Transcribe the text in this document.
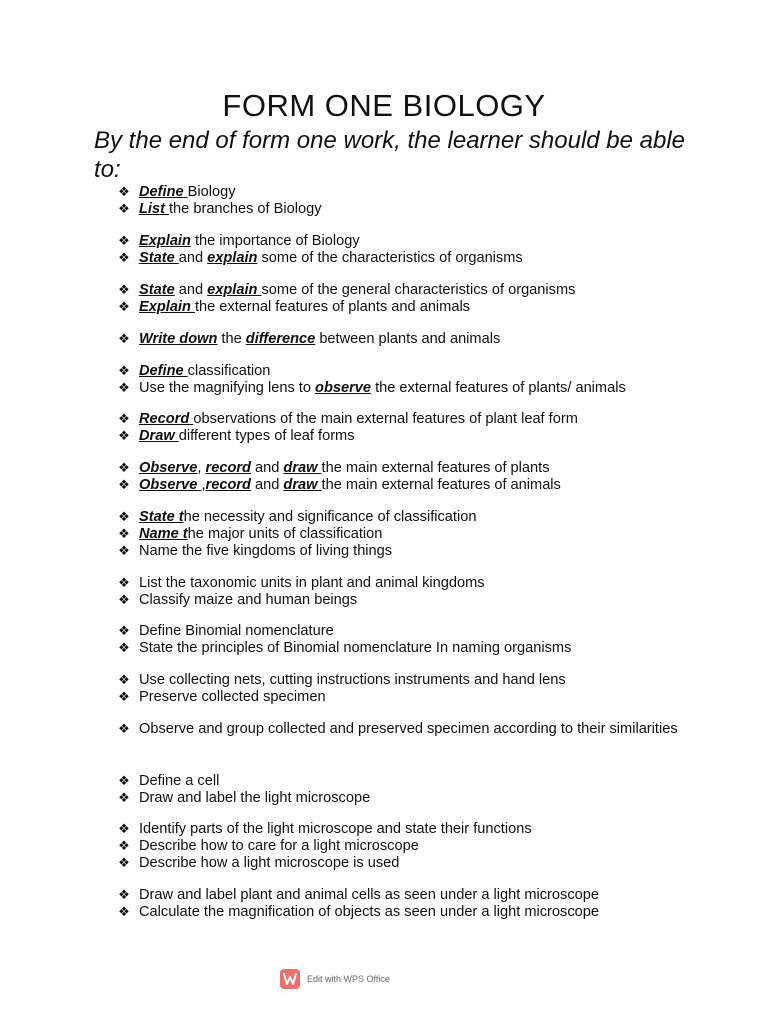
FORM ONE BIOLOGY

By the end of form one work, the learner should be able to:

❖ Define Biology
❖ List the branches of Biology
❖ Explain the importance of Biology
❖ State and explain some of the characteristics of organisms
❖ State and explain some of the general characteristics of organisms
❖ Explain the external features of plants and animals
❖ Write down the difference between plants and animals
❖ Define classification
❖ Use the magnifying lens to observe the external features of plants/ animals
❖ Record observations of the main external features of plant leaf form
❖ Draw different types of leaf forms
❖ Observe, record and draw the main external features of plants
❖ Observe ,record and draw the main external features of animals
❖ State the necessity and significance of classification
❖ Name the major units of classification
❖ Name the five kingdoms of living things
❖ List the taxonomic units in plant and animal kingdoms
❖ Classify maize and human beings
❖ Define Binomial nomenclature
❖ State the principles of Binomial nomenclature In naming organisms
❖ Use collecting nets, cutting instructions instruments and hand lens
❖ Preserve collected specimen
❖ Observe and group collected and preserved specimen according to their similarities
❖ Define a cell
❖ Draw and label the light microscope
❖ Identify parts of the light microscope and state their functions
❖ Describe how to care for a light microscope
❖ Describe how a light microscope is used
❖ Draw and label plant and animal cells as seen under a light microscope
❖ Calculate the magnification of objects as seen under a light microscope
Edit with WPS Office
